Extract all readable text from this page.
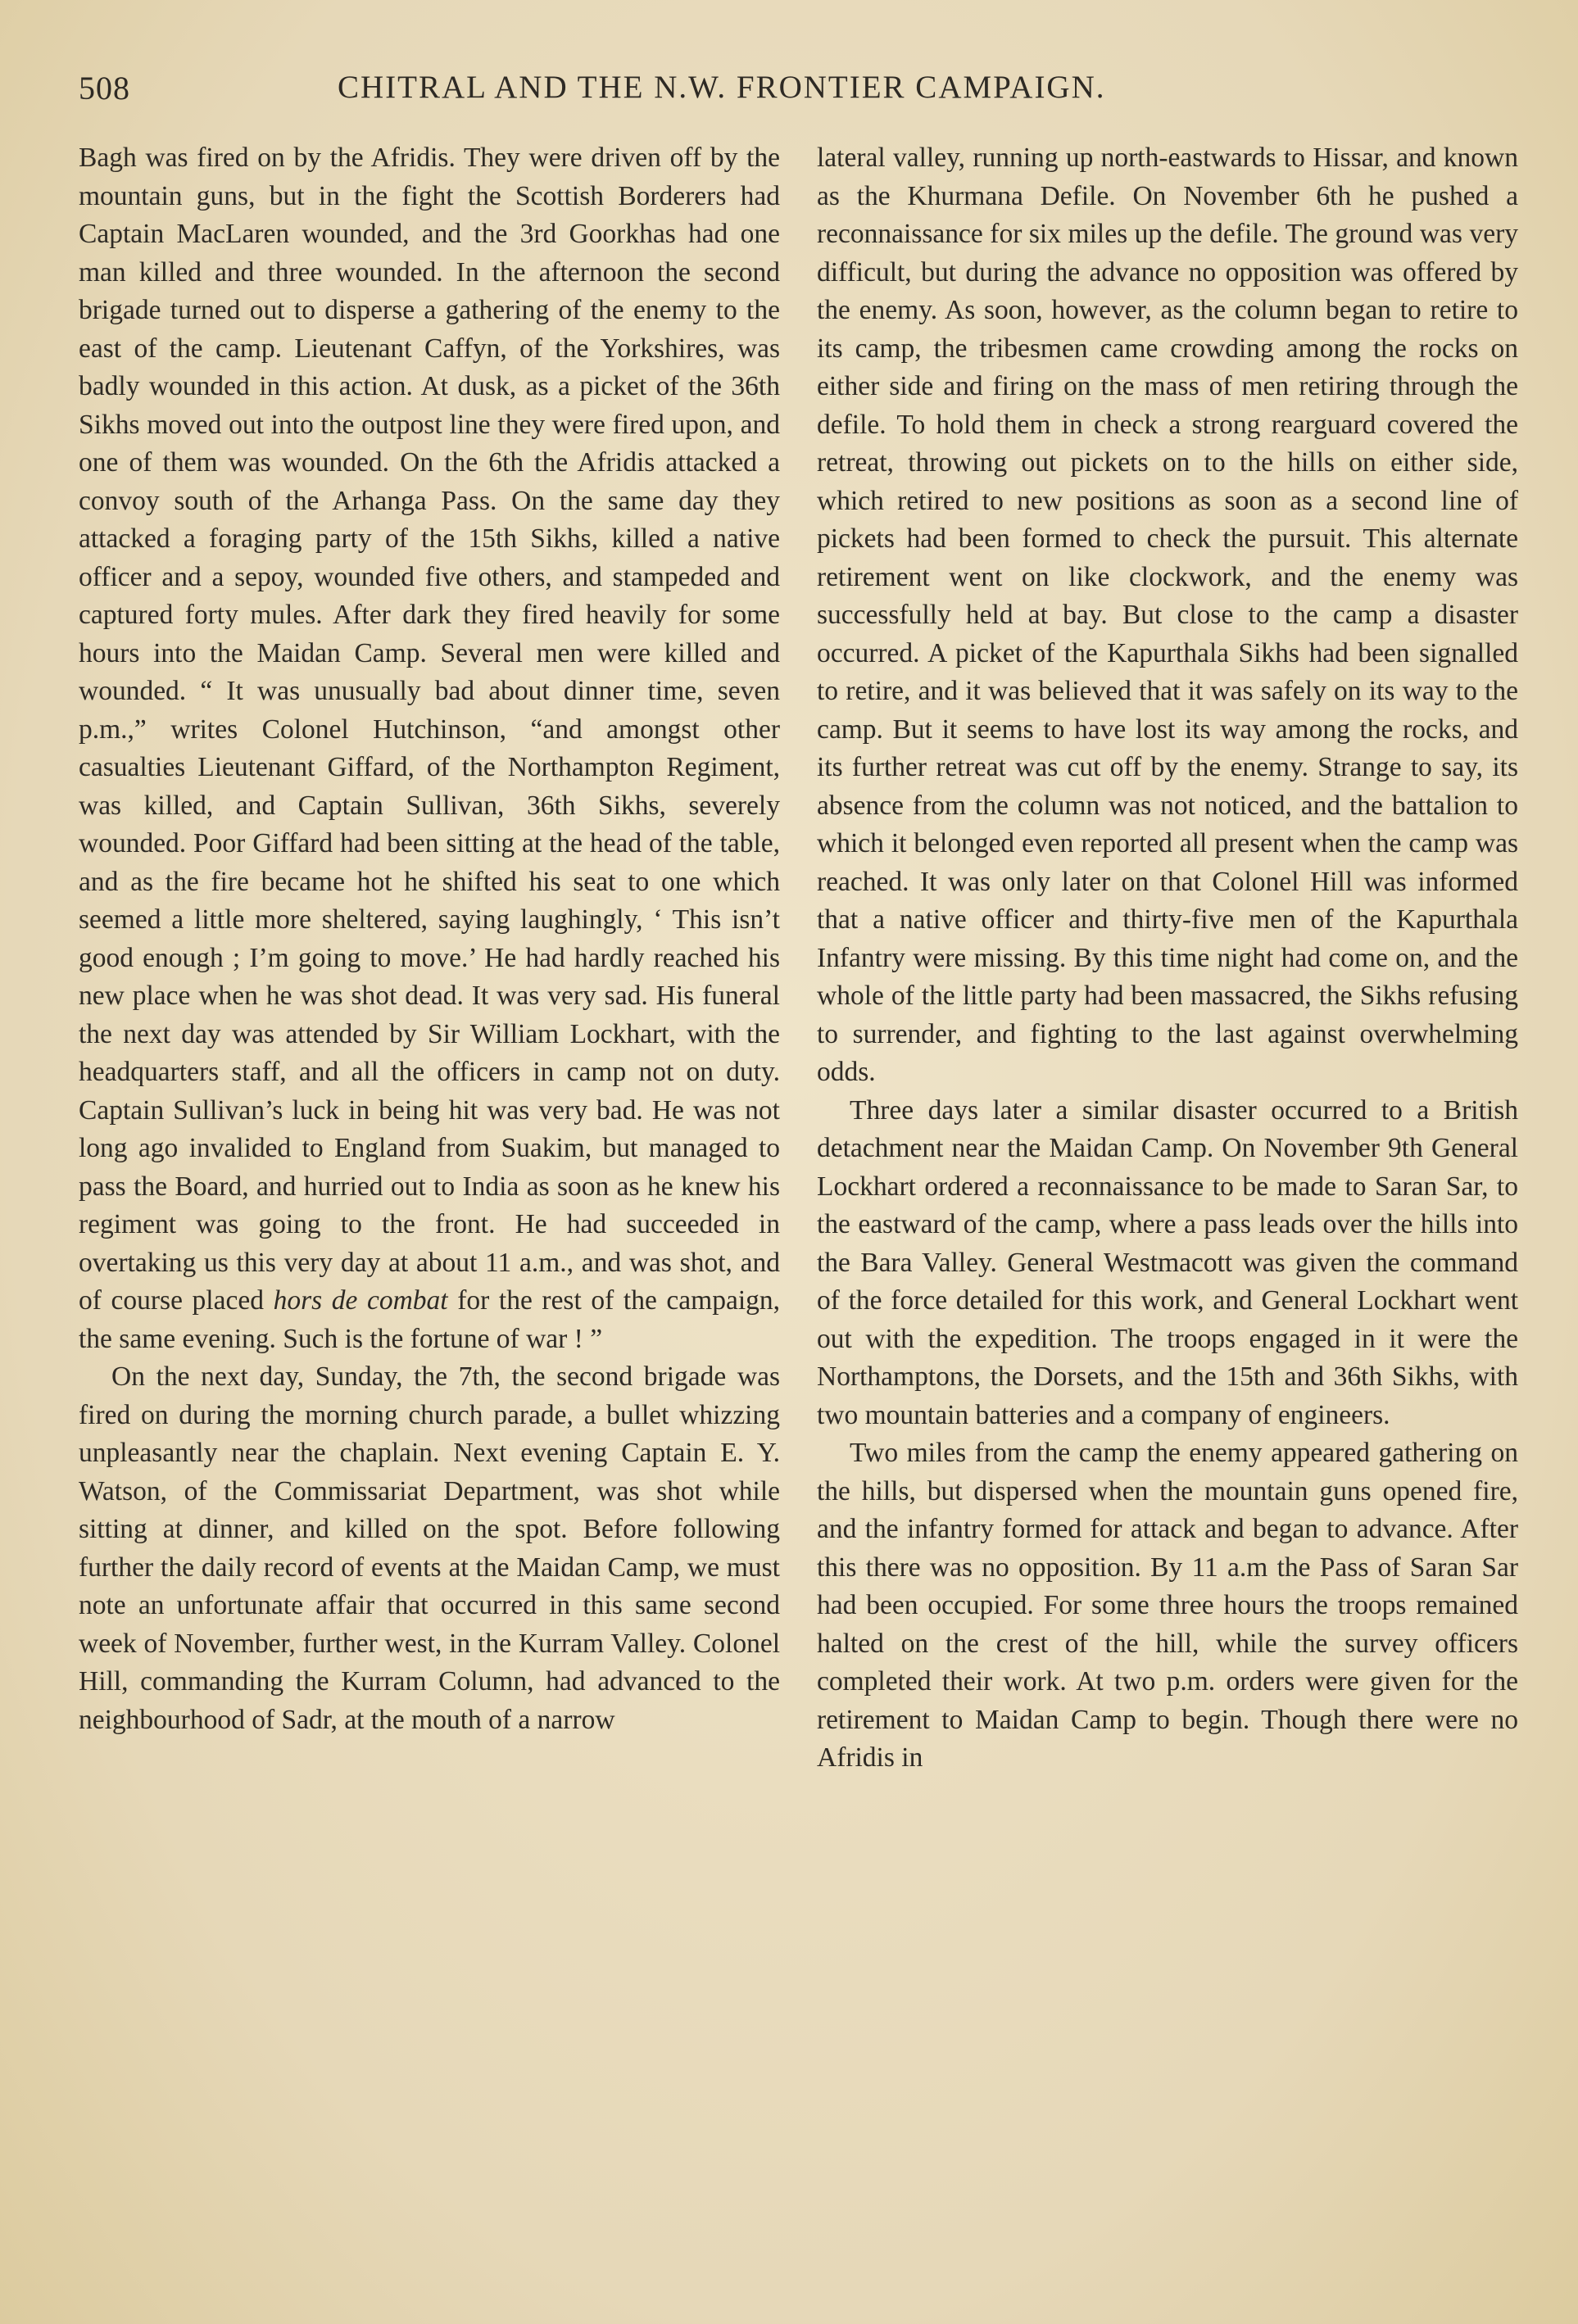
508	CHITRAL AND THE N.W. FRONTIER CAMPAIGN.

Bagh was fired on by the Afridis. They were driven off by the mountain guns, but in the fight the Scottish Borderers had Captain MacLaren wounded, and the 3rd Goorkhas had one man killed and three wounded. In the afternoon the second brigade turned out to disperse a gathering of the enemy to the east of the camp. Lieutenant Caffyn, of the Yorkshires, was badly wounded in this action. At dusk, as a picket of the 36th Sikhs moved out into the outpost line they were fired upon, and one of them was wounded. On the 6th the Afridis attacked a convoy south of the Arhanga Pass. On the same day they attacked a foraging party of the 15th Sikhs, killed a native officer and a sepoy, wounded five others, and stampeded and captured forty mules. After dark they fired heavily for some hours into the Maidan Camp. Several men were killed and wounded. “ It was unusually bad about dinner time, seven p.m.,” writes Colonel Hutchinson, “and amongst other casualties Lieutenant Giffard, of the Northampton Regiment, was killed, and Captain Sullivan, 36th Sikhs, severely wounded. Poor Giffard had been sitting at the head of the table, and as the fire became hot he shifted his seat to one which seemed a little more sheltered, saying laughingly, ‘ This isn’t good enough ; I’m going to move.’ He had hardly reached his new place when he was shot dead. It was very sad. His funeral the next day was attended by Sir William Lockhart, with the headquarters staff, and all the officers in camp not on duty. Captain Sullivan’s luck in being hit was very bad. He was not long ago invalided to England from Suakim, but managed to pass the Board, and hurried out to India as soon as he knew his regiment was going to the front. He had succeeded in overtaking us this very day at about 11 a.m., and was shot, and of course placed hors de combat for the rest of the campaign, the same evening. Such is the fortune of war ! ”

On the next day, Sunday, the 7th, the second brigade was fired on during the morning church parade, a bullet whizzing unpleasantly near the chaplain. Next evening Captain E. Y. Watson, of the Commissariat Department, was shot while sitting at dinner, and killed on the spot. Before following further the daily record of events at the Maidan Camp, we must note an unfortunate affair that occurred in this same second week of November, further west, in the Kurram Valley. Colonel Hill, commanding the Kurram Column, had advanced to the neighbourhood of Sadr, at the mouth of a narrow

lateral valley, running up north-eastwards to Hissar, and known as the Khurmana Defile. On November 6th he pushed a reconnaissance for six miles up the defile. The ground was very difficult, but during the advance no opposition was offered by the enemy. As soon, however, as the column began to retire to its camp, the tribesmen came crowding among the rocks on either side and firing on the mass of men retiring through the defile. To hold them in check a strong rearguard covered the retreat, throwing out pickets on to the hills on either side, which retired to new positions as soon as a second line of pickets had been formed to check the pursuit. This alternate retirement went on like clockwork, and the enemy was successfully held at bay. But close to the camp a disaster occurred. A picket of the Kapurthala Sikhs had been signalled to retire, and it was believed that it was safely on its way to the camp. But it seems to have lost its way among the rocks, and its further retreat was cut off by the enemy. Strange to say, its absence from the column was not noticed, and the battalion to which it belonged even reported all present when the camp was reached. It was only later on that Colonel Hill was informed that a native officer and thirty-five men of the Kapurthala Infantry were missing. By this time night had come on, and the whole of the little party had been massacred, the Sikhs refusing to surrender, and fighting to the last against overwhelming odds.

Three days later a similar disaster occurred to a British detachment near the Maidan Camp. On November 9th General Lockhart ordered a reconnaissance to be made to Saran Sar, to the eastward of the camp, where a pass leads over the hills into the Bara Valley. General Westmacott was given the command of the force detailed for this work, and General Lockhart went out with the expedition. The troops engaged in it were the Northamptons, the Dorsets, and the 15th and 36th Sikhs, with two mountain batteries and a company of engineers.

Two miles from the camp the enemy appeared gathering on the hills, but dispersed when the mountain guns opened fire, and the infantry formed for attack and began to advance. After this there was no opposition. By 11 a.m the Pass of Saran Sar had been occupied. For some three hours the troops remained halted on the crest of the hill, while the survey officers completed their work. At two p.m. orders were given for the retirement to Maidan Camp to begin. Though there were no Afridis in
